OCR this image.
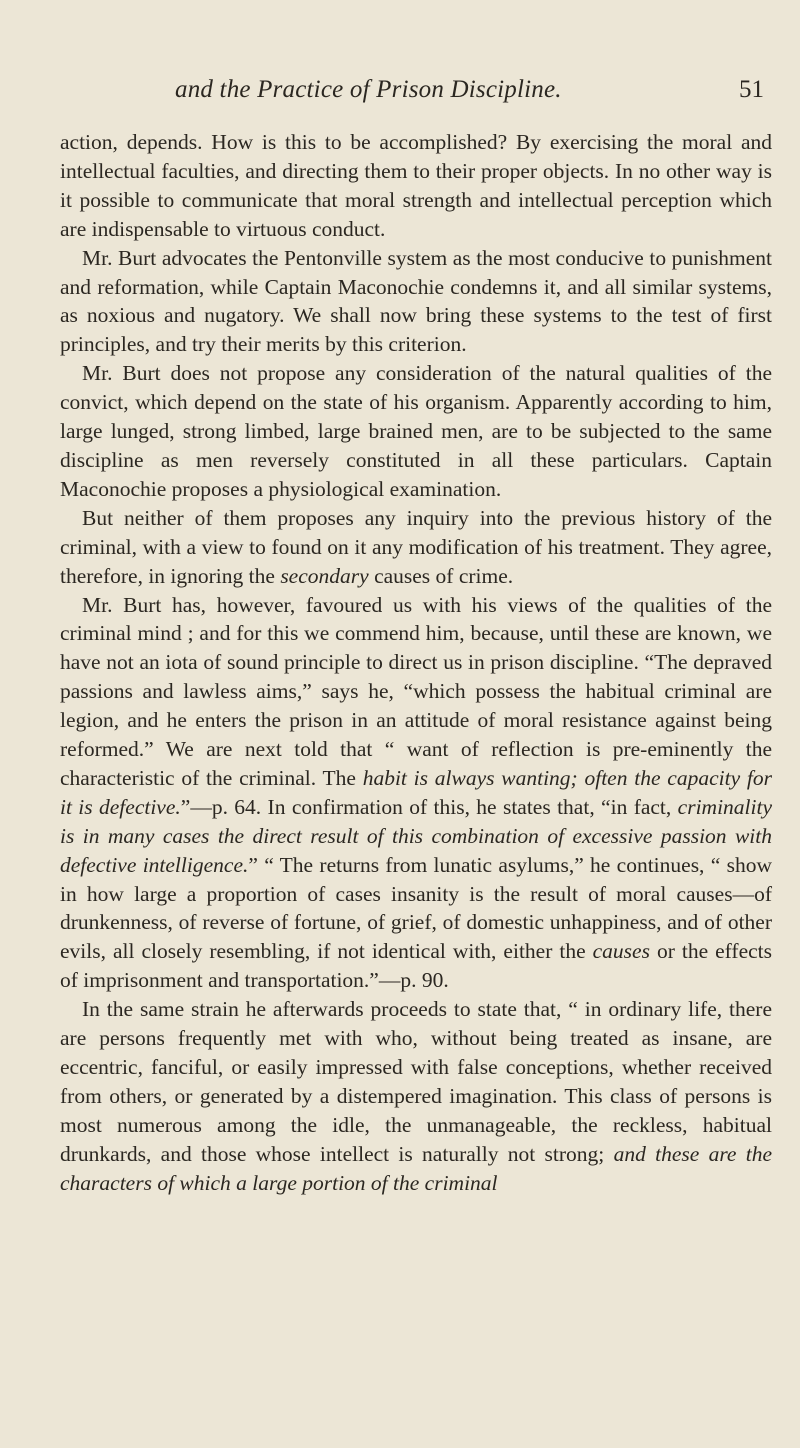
and the Practice of Prison Discipline.	51

action, depends. How is this to be accomplished? By exercising the moral and intellectual faculties, and directing them to their proper objects. In no other way is it possible to communicate that moral strength and intellectual perception which are indispensable to virtuous conduct.

Mr. Burt advocates the Pentonville system as the most conducive to punishment and reformation, while Captain Maconochie condemns it, and all similar systems, as noxious and nugatory. We shall now bring these systems to the test of first principles, and try their merits by this criterion.

Mr. Burt does not propose any consideration of the natural qualities of the convict, which depend on the state of his organism. Apparently according to him, large lunged, strong limbed, large brained men, are to be subjected to the same discipline as men reversely constituted in all these particulars. Captain Maconochie proposes a physiological examination.

But neither of them proposes any inquiry into the previous history of the criminal, with a view to found on it any modification of his treatment. They agree, therefore, in ignoring the secondary causes of crime.

Mr. Burt has, however, favoured us with his views of the qualities of the criminal mind ; and for this we commend him, because, until these are known, we have not an iota of sound principle to direct us in prison discipline. “The depraved passions and lawless aims,” says he, “which possess the habitual criminal are legion, and he enters the prison in an attitude of moral resistance against being reformed.” We are next told that “ want of reflection is pre-eminently the characteristic of the criminal. The habit is always wanting; often the capacity for it is defective.”—p. 64. In confirmation of this, he states that, “in fact, criminality is in many cases the direct result of this combination of excessive passion with defective intelligence.” “ The returns from lunatic asylums,” he continues, “ show in how large a proportion of cases insanity is the result of moral causes—of drunkenness, of reverse of fortune, of grief, of domestic unhappiness, and of other evils, all closely resembling, if not identical with, either the causes or the effects of imprisonment and transportation.”—p. 90.

In the same strain he afterwards proceeds to state that, “ in ordinary life, there are persons frequently met with who, without being treated as insane, are eccentric, fanciful, or easily impressed with false conceptions, whether received from others, or generated by a distempered imagination. This class of persons is most numerous among the idle, the unmanageable, the reckless, habitual drunkards, and those whose intellect is naturally not strong; and these are the characters of which a large portion of the criminal
